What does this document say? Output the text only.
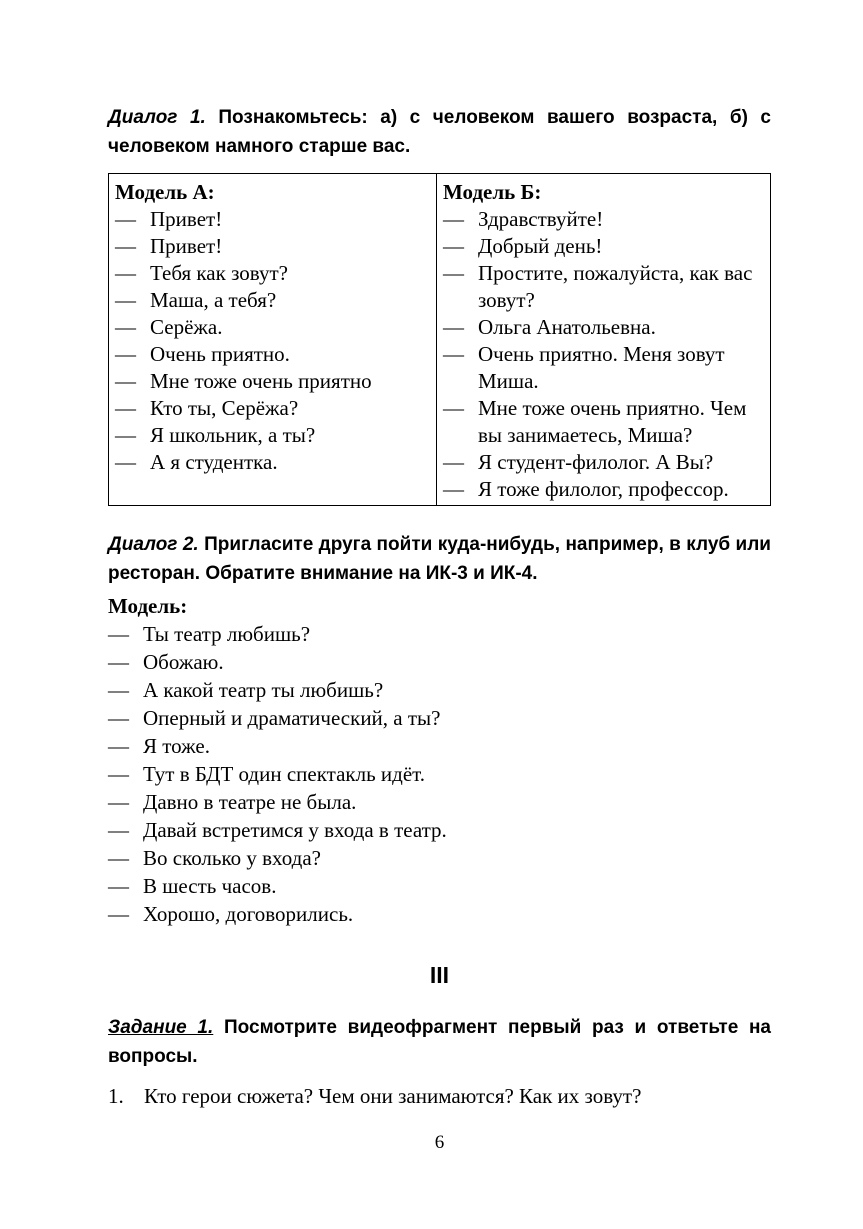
Диалог 1. Познакомьтесь: а) с человеком вашего возраста, б) с человеком намного старше вас.

Модель А:
— Привет!
— Привет!
— Тебя как зовут?
— Маша, а тебя?
— Серёжа.
— Очень приятно.
— Мне тоже очень приятно
— Кто ты, Серёжа?
— Я школьник, а ты?
— А я студентка.

Модель Б:
— Здравствуйте!
— Добрый день!
— Простите, пожалуйста, как вас зовут?
— Ольга Анатольевна.
— Очень приятно. Меня зовут Миша.
— Мне тоже очень приятно. Чем вы занимаетесь, Миша?
— Я студент-филолог. А Вы?
— Я тоже филолог, профессор.

Диалог 2. Пригласите друга пойти куда-нибудь, например, в клуб или ресторан. Обратите внимание на ИК-3 и ИК-4.

Модель:
— Ты театр любишь?
— Обожаю.
— А какой театр ты любишь?
— Оперный и драматический, а ты?
— Я тоже.
— Тут в БДТ один спектакль идёт.
— Давно в театре не была.
— Давай встретимся у входа в театр.
— Во сколько у входа?
— В шесть часов.
— Хорошо, договорились.
III

Задание 1. Посмотрите видеофрагмент первый раз и ответьте на вопросы.

1. Кто герои сюжета? Чем они занимаются? Как их зовут?
6
